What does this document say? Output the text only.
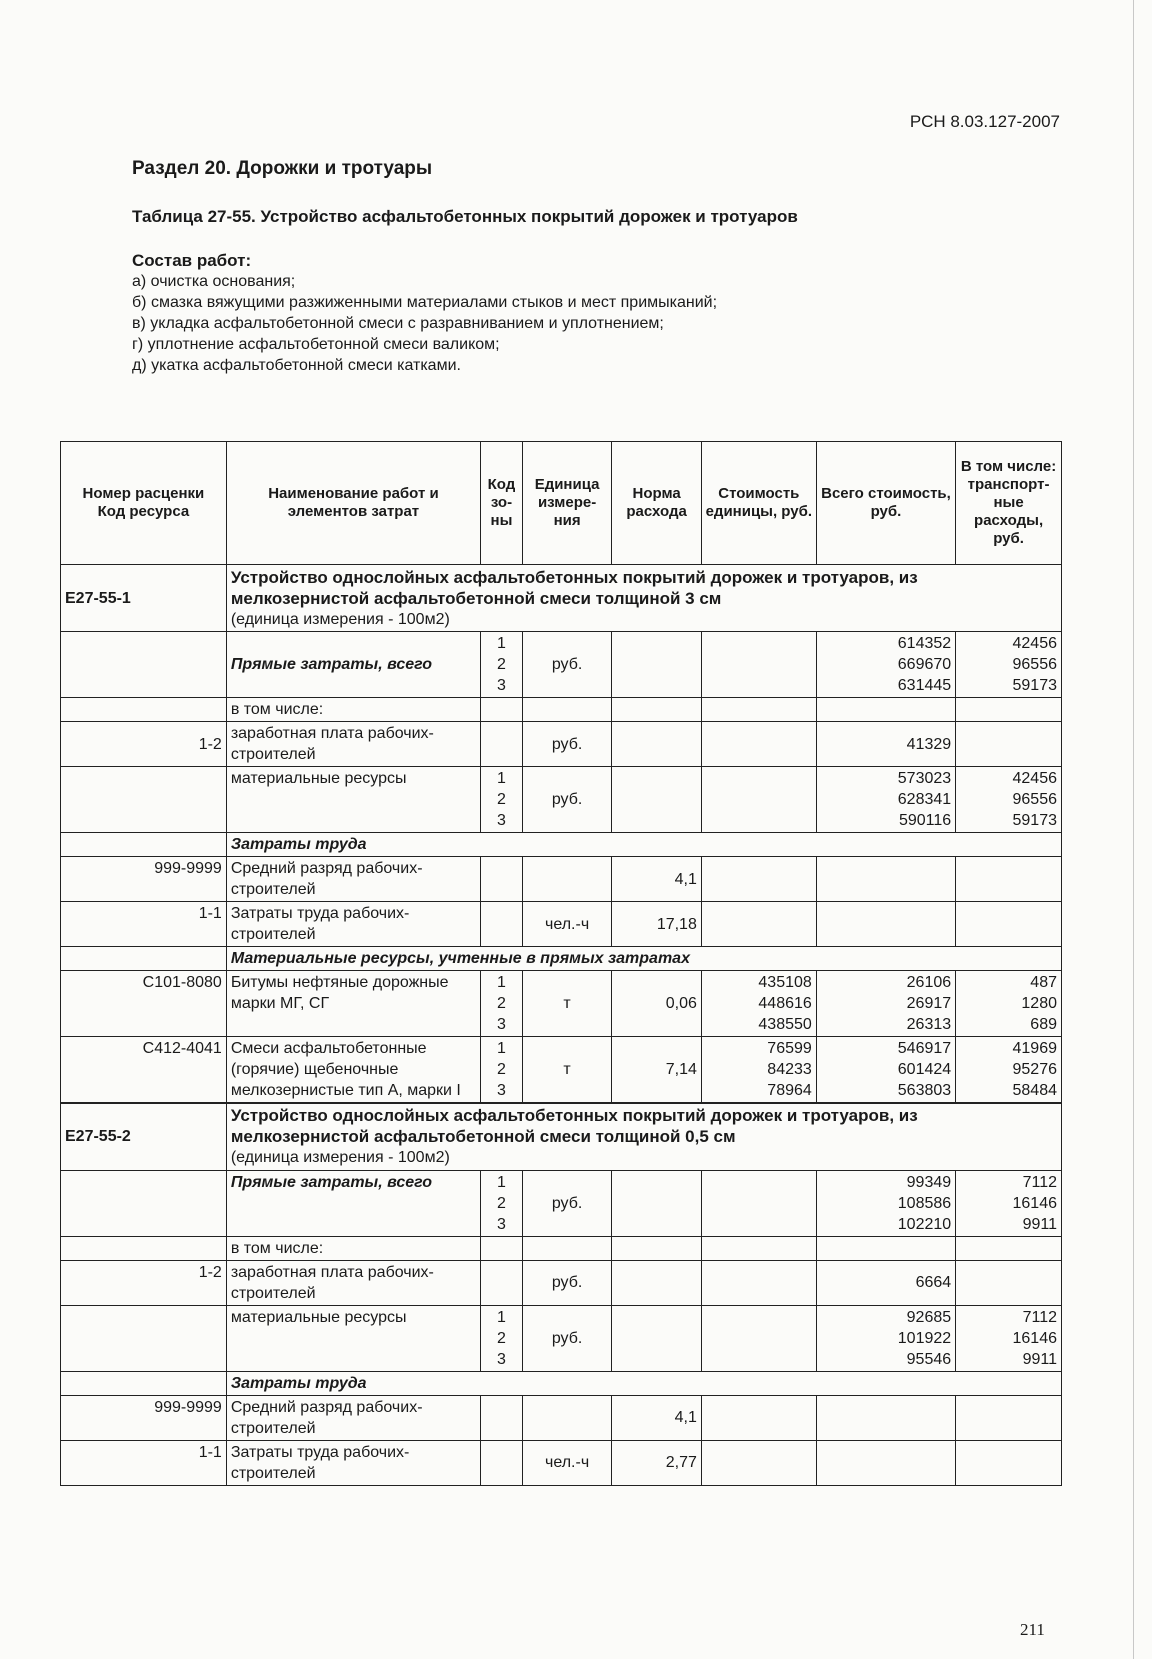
РСН 8.03.127-2007
Раздел 20. Дорожки и тротуары
Таблица 27-55. Устройство асфальтобетонных покрытий дорожек и тротуаров
Состав работ:
а) очистка основания;
б) смазка вяжущими разжиженными материалами стыков и мест примыканий;
в) укладка асфальтобетонной смеси с разравниванием и уплотнением;
г) уплотнение асфальтобетонной смеси валиком;
д) укатка асфальтобетонной смеси катками.
Номер расценки
Код ресурса	Наименование работ и элементов затрат	Код зо-ны	Единица измере-ния	Норма расхода	Стоимость единицы, руб.	Всего стоимость, руб.	В том числе: транспорт-ные расходы, руб.
Е27-55-1	Устройство однослойных асфальтобетонных покрытий дорожек и тротуаров, из мелкозернистой асфальтобетонной смеси толщиной 3 см
(единица измерения - 100м2)						

	Прямые затраты, всего	1
2
3	руб.			614352
669670
631445	42456
96556
59173
	в том числе:						
1-2	заработная плата рабочих-строителей		руб.			41329	
	материальные ресурсы	1
2
3	руб.			573023
628341
590116	42456
96556
59173
	Затраты труда						
999-9999	Средний разряд рабочих-строителей			4,1			
1-1	Затраты труда рабочих-строителей		чел.-ч	17,18			
	Материальные ресурсы, учтенные в прямых затратах						
С101-8080	Битумы нефтяные дорожные марки МГ, СГ	1
2
3	т	0,06	435108
448616
438550	26106
26917
26313	487
1280
689
С412-4041	Смеси асфальтобетонные (горячие) щебеночные мелкозернистые тип А, марки I	1
2
3	т	7,14	76599
84233
78964	546917
601424
563803	41969
95276
58484
Е27-55-2	Устройство однослойных асфальтобетонных покрытий дорожек и тротуаров, из мелкозернистой асфальтобетонной смеси толщиной 0,5 см
(единица измерения - 100м2)						

	Прямые затраты, всего	1
2
3	руб.			99349
108586
102210	7112
16146
9911
	в том числе:						
1-2	заработная плата рабочих-строителей		руб.			6664	
	материальные ресурсы	1
2
3	руб.			92685
101922
95546	7112
16146
9911
	Затраты труда						
999-9999	Средний разряд рабочих-строителей			4,1			
1-1	Затраты труда рабочих-строителей		чел.-ч	2,77			
211
